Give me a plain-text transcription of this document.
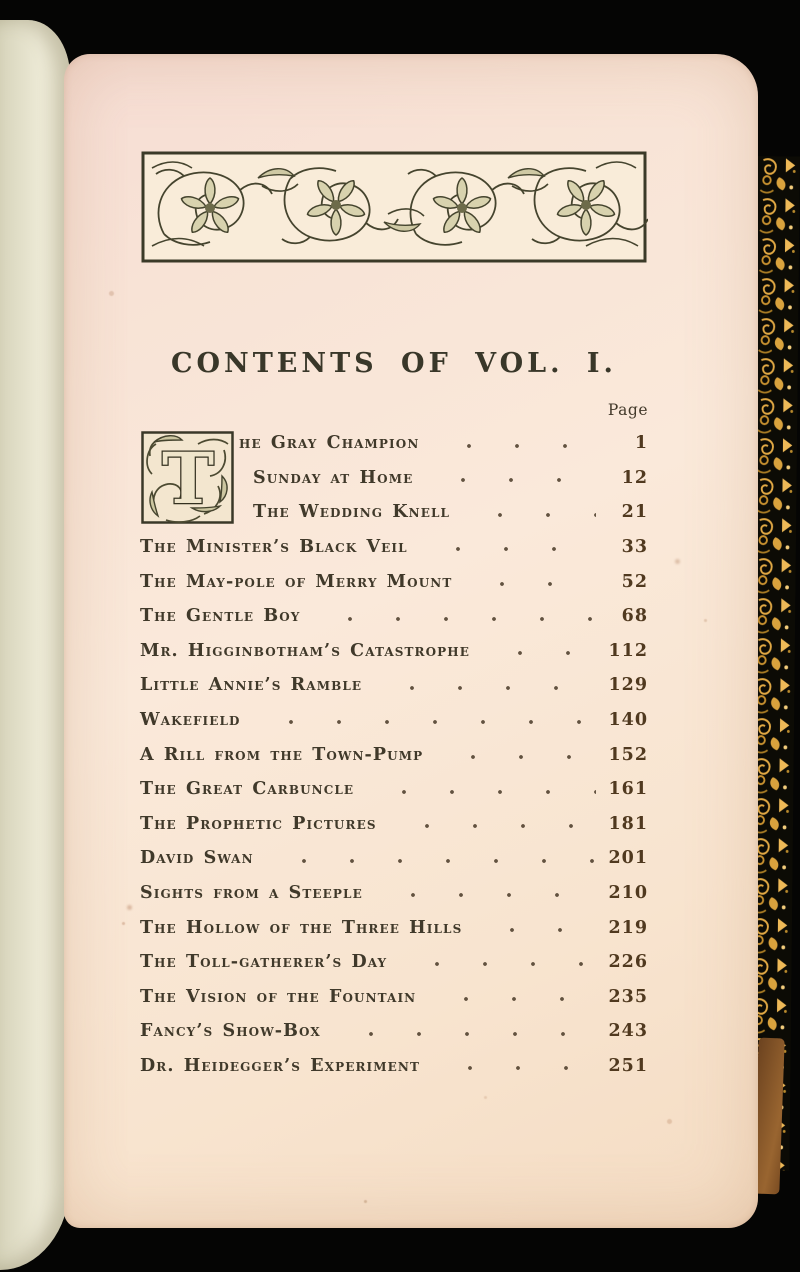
CONTENTS OF VOL. I.
Page
T he Gray Champion	1
Sunday at Home	12
The Wedding Knell	21
The Minister’s Black Veil	33
The May-pole of Merry Mount	52
The Gentle Boy	68
Mr. Higginbotham’s Catastrophe	112
Little Annie’s Ramble	129
Wakefield	140
A Rill from the Town-Pump	152
The Great Carbuncle	161
The Prophetic Pictures	181
David Swan	201
Sights from a Steeple	210
The Hollow of the Three Hills	219
The Toll-gatherer’s Day	226
The Vision of the Fountain	235
Fancy’s Show-Box	243
Dr. Heidegger’s Experiment	251
